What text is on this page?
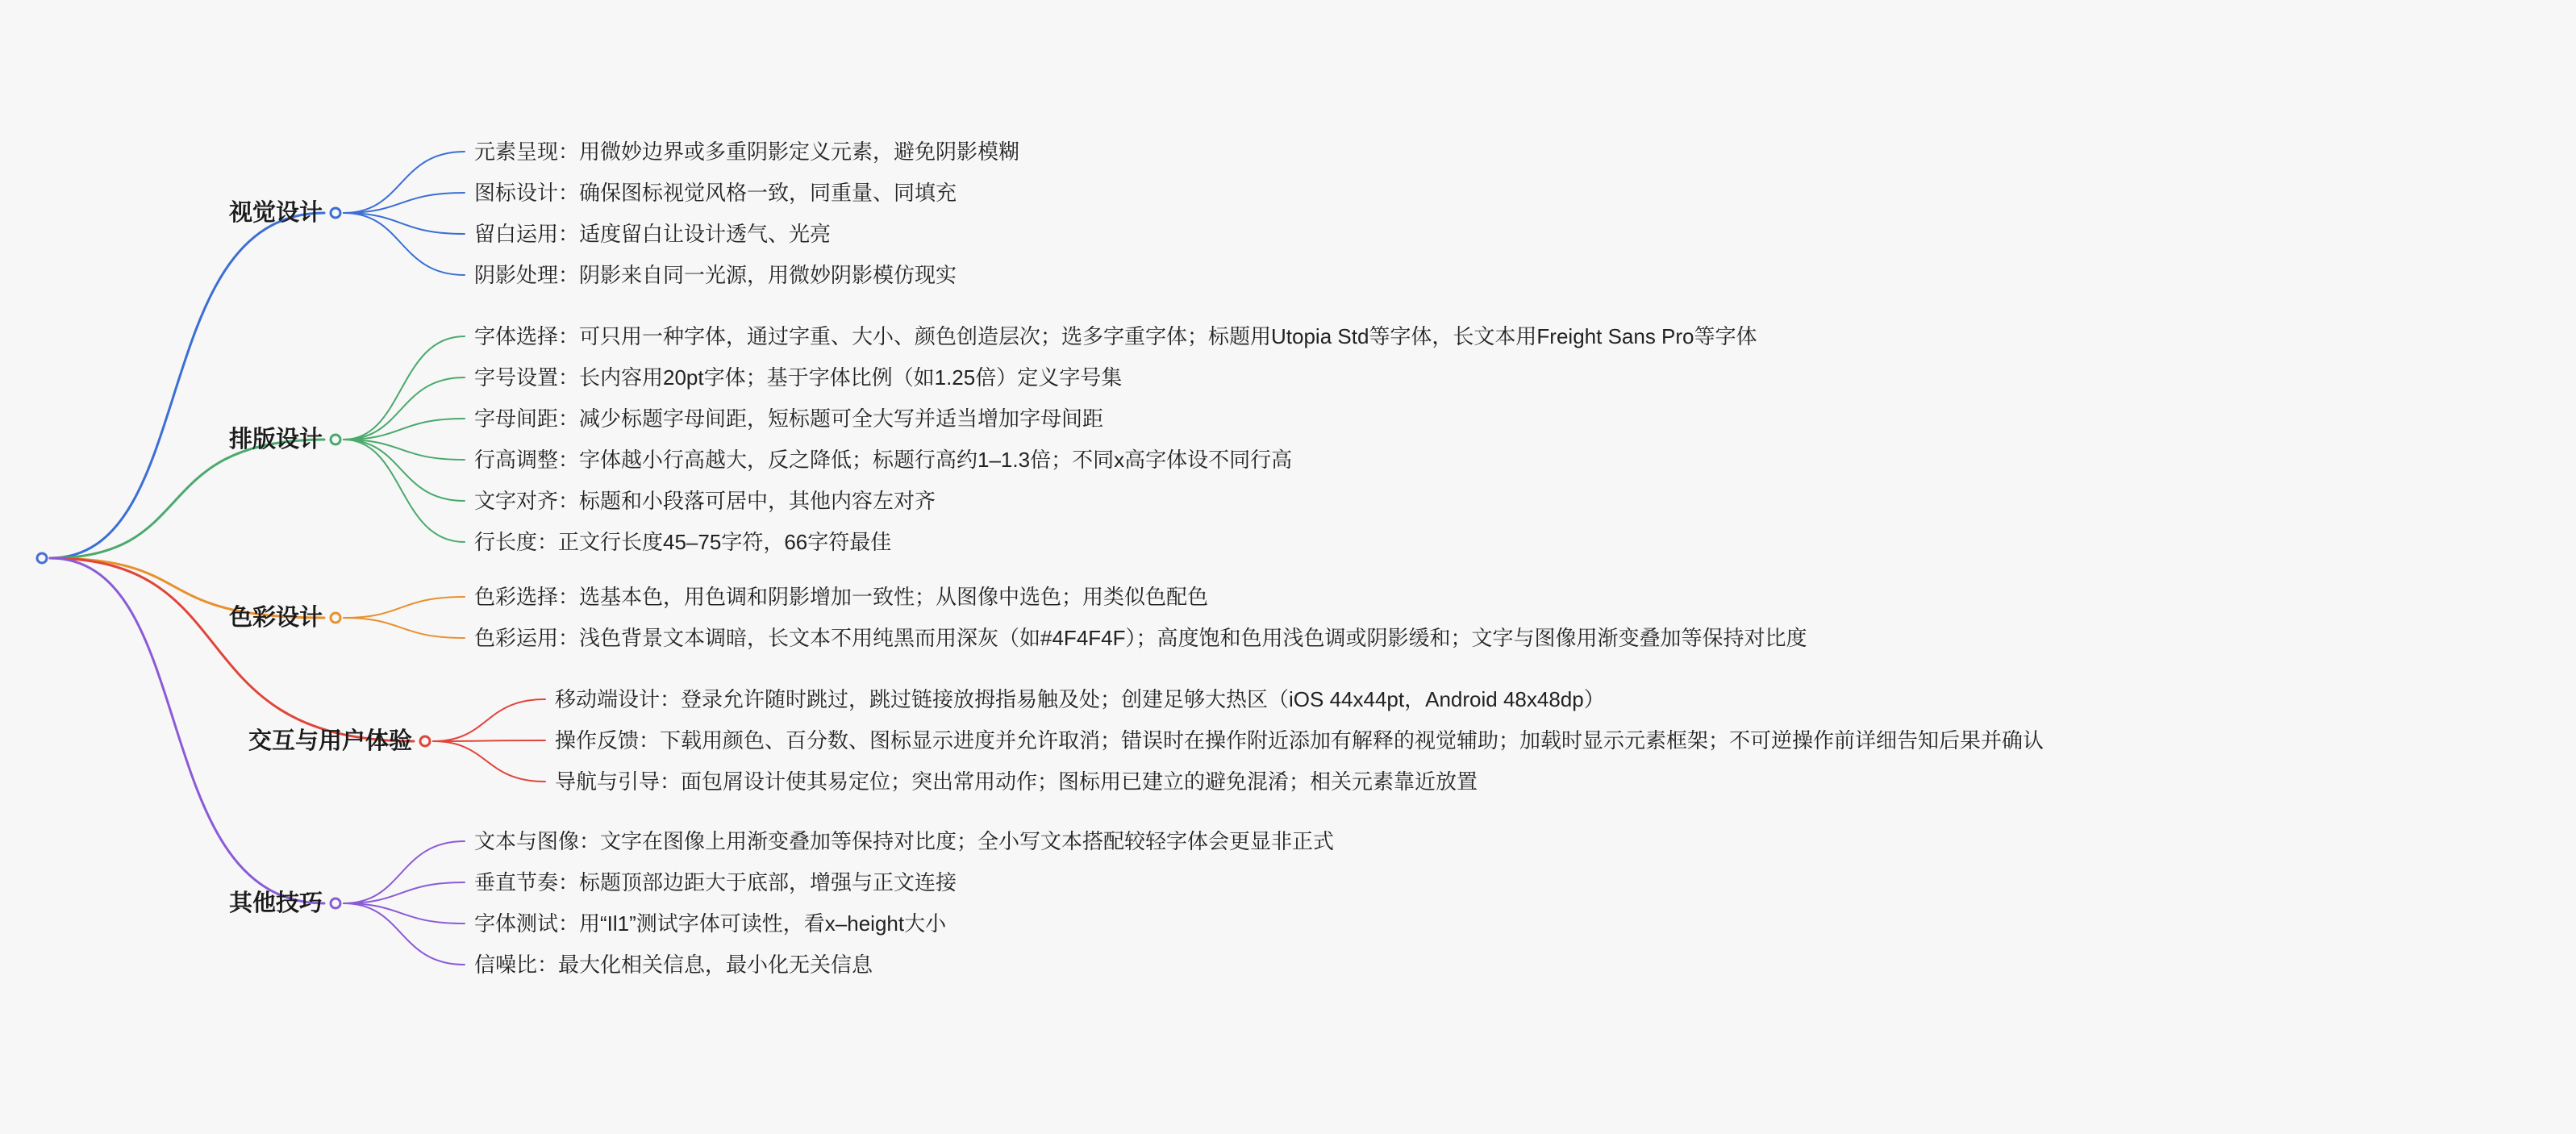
视觉设计
元素呈现：用微妙边界或多重阴影定义元素，避免阴影模糊
图标设计：确保图标视觉风格一致，同重量、同填充
留白运用：适度留白让设计透气、光亮
阴影处理：阴影来自同一光源，用微妙阴影模仿现实
排版设计
字体选择：可只用一种字体，通过字重、大小、颜色创造层次；选多字重字体；标题用Utopia Std等字体，长文本用Freight Sans Pro等字体
字号设置：长内容用20pt字体；基于字体比例（如1.25倍）定义字号集
字母间距：减少标题字母间距，短标题可全大写并适当增加字母间距
行高调整：字体越小行高越大，反之降低；标题行高约1–1.3倍；不同x高字体设不同行高
文字对齐：标题和小段落可居中，其他内容左对齐
行长度：正文行长度45–75字符，66字符最佳
色彩设计
色彩选择：选基本色，用色调和阴影增加一致性；从图像中选色；用类似色配色
色彩运用：浅色背景文本调暗，长文本不用纯黑而用深灰（如#4F4F4F）；高度饱和色用浅色调或阴影缓和；文字与图像用渐变叠加等保持对比度
交互与用户体验
移动端设计：登录允许随时跳过，跳过链接放拇指易触及处；创建足够大热区（iOS 44x44pt，Android 48x48dp）
操作反馈：下载用颜色、百分数、图标显示进度并允许取消；错误时在操作附近添加有解释的视觉辅助；加载时显示元素框架；不可逆操作前详细告知后果并确认
导航与引导：面包屑设计使其易定位；突出常用动作；图标用已建立的避免混淆；相关元素靠近放置
其他技巧
文本与图像：文字在图像上用渐变叠加等保持对比度；全小写文本搭配较轻字体会更显非正式
垂直节奏：标题顶部边距大于底部，增强与正文连接
字体测试：用“Il1”测试字体可读性，看x–height大小
信噪比：最大化相关信息，最小化无关信息
